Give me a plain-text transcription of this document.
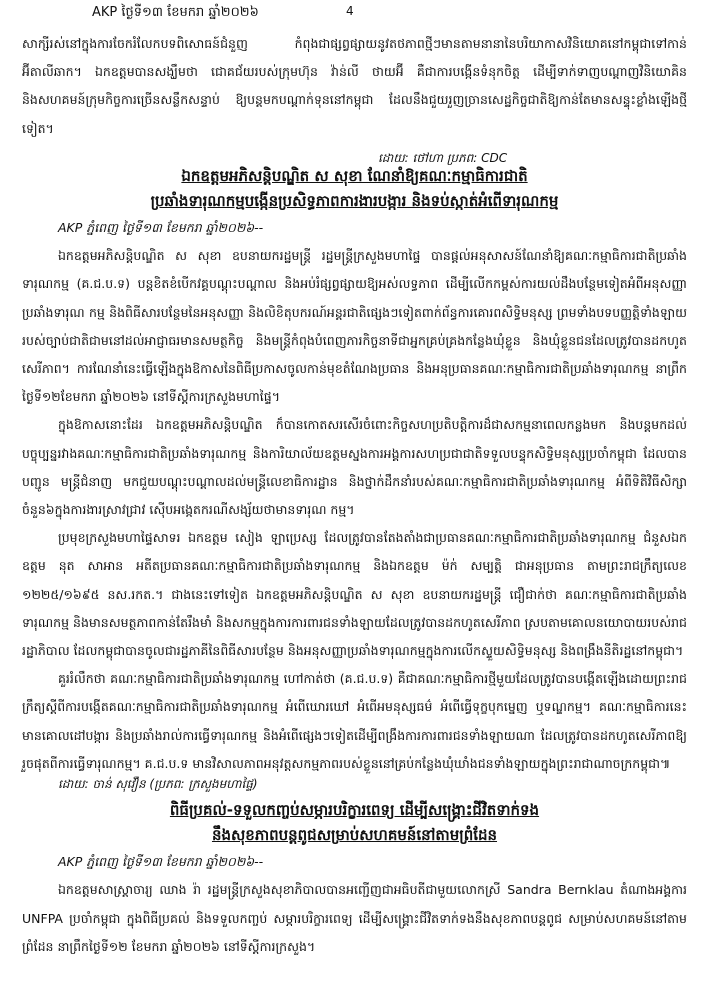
AKP ថ្ងៃទី១៣ ខែមករា ឆ្នាំ២០២៦	4

សាក្សីរស់នៅក្នុងការចែករំលែកបទពិសោធន៍ជំនួញ កំពុងជាផ្សព្វផ្សាយនូវតថភាពថ្មីៗមានតាមនានានៃបរិយាកាសវិនិយោគនៅកម្ពុជាទៅកាន់អ៊ីតាលីឆាក។ ឯកឧត្តមបានសង្ឃឹមថា ជោគជ័យរបស់ក្រុមហ៊ុន វ៉ាន់លី ថាយអ៊ី គឺជាការបង្កើនទំនុកចិត្ត ដើម្បីទាក់ទាញបណ្តាញវិនិយោគិន និងសហគមន៍ក្រុមកិច្ចការច្រើនសន្លឹកសន្ទាប់ ឱ្យបន្តមកបណ្តាក់ទុននៅកម្ពុជា ដែលនឹងជួយរួញច្រានសេដ្ឋកិច្ចជាតិឱ្យកាន់តែមានសន្ទុះខ្លាំងឡើងថ្មីទៀត។

ដោយ: ថៅហា ប្រភព: CDC

ឯកឧត្តមអភិសន្តិបណ្ឌិត ស សុខា ណែនាំឱ្យគណៈកម្មាធិការជាតិ

ប្រឆាំងទារុណកម្មបង្កើនប្រសិទ្ធភាពការងារបង្ការ និងទប់ស្កាត់អំពើទារុណកម្ម

AKP ភ្នំពេញ ថ្ងៃទី១៣ ខែមករា ឆ្នាំ២០២៦--

ឯកឧត្តមអភិសន្តិបណ្ឌិត ស សុខា ឧបនាយករដ្ឋមន្ត្រី រដ្ឋមន្ត្រីក្រសួងមហាផ្ទៃ បានផ្តល់អនុសាសន៍ណែនាំឱ្យគណៈកម្មាធិការជាតិប្រឆាំងទារុណកម្ម (គ.ជ.ប.ទ) បន្តខិតខំបើកវគ្គបណ្តុះបណ្តាល និងអប់រំផ្សព្វផ្សាយឱ្យអស់លទ្ធភាព ដើម្បីលើកកម្ពស់ការយល់ដឹងបន្ថែមទៀតអំពីអនុសញ្ញាប្រឆាំងទារុណ កម្ម និងពិធីសារបន្ថែមនៃអនុសញ្ញា និងលិខិតុបករណ៍អន្តរជាតិផ្សេងៗទៀតពាក់ព័ន្ធការគោរពសិទ្ធិមនុស្ស ព្រមទាំងបទបញ្ញត្តិទាំងឡាយរបស់ច្បាប់ជាតិជាមនៅដល់អាជ្ញាធរមានសមត្ថកិច្ច និងមន្ត្រីកំពុងបំពេញភារកិច្ចនាទីជាអ្នកគ្រប់គ្រងកន្លែងឃុំខ្លួន និងឃុំខ្លួនជនដែលត្រូវបានដកហូតសេរីភាព។ ការណែនាំនេះធ្វើឡើងក្នុងឱកាសនៃពិធីប្រកាសចូលកាន់មុខតំណែងប្រធាន និងអនុប្រធានគណៈកម្មាធិការជាតិប្រឆាំងទារុណកម្ម នាព្រឹកថ្ងៃទី១២ខែមករា ឆ្នាំ២០២៦ នៅទីស្តីការក្រសួងមហាផ្ទៃ។

ក្នុងឱកាសនោះដែរ ឯកឧត្តមអភិសន្តិបណ្ឌិត ក៏បានកោតសរសើរចំពោះកិច្ចសហប្រតិបត្តិការដ៏ជាសកម្មនាពេលកន្លងមក និងបន្តមកដល់បច្ចុប្បន្នរវាងគណៈកម្មាធិការជាតិប្រឆាំងទារុណកម្ម និងការិយាល័យឧត្តមស្នងការអង្គការសហប្រជាជាតិទទួលបន្ទុកសិទ្ធិមនុស្សប្រចាំកម្ពុជា ដែលបានបញ្ជូន មន្ត្រីជំនាញ មកជួយបណ្តុះបណ្តាលដល់មន្ត្រីលេខាធិការដ្ឋាន និងថ្នាក់ដឹកនាំរបស់គណៈកម្មាធិការជាតិប្រឆាំងទារុណកម្ម អំពីទិតិវិធីសិក្សាចំនួន៦ក្នុងការងារស្រាវជ្រាវ ស៊ើបអង្កេតករណីសង្ស័យថាមានទារុណ កម្ម។

ប្រមុខក្រសួងមហាផ្ទៃសាទរ ឯកឧត្តម សៀង ឡាប្រេស្ស ដែលត្រូវបានតែងតាំងជាប្រធានគណៈកម្មាធិការជាតិប្រឆាំងទារុណកម្ម ជំនួសឯកឧត្តម នុត សាអាន អតីតប្រធានគណៈកម្មាធិការជាតិប្រឆាំងទារុណកម្ម និងឯកឧត្តម ម៉ក់ សម្បត្តិ ជាអនុប្រធាន តាមព្រះរាជក្រឹត្យលេខ ១២២៥/១៦៩៥ នស.រកត.។ ជាងនេះទៅទៀត ឯកឧត្តមអភិសន្តិបណ្ឌិត ស សុខា ឧបនាយករដ្ឋមន្ត្រី ជឿជាក់ថា គណៈកម្មាធិការជាតិប្រឆាំងទារុណកម្ម និងមានសមត្ថភាពកាន់តែរឹងមាំ និងសកម្មក្នុងការការពារជនទាំងឡាយដែលត្រូវបានដកហូតសេរីភាព ស្របតាមគោលនយោបាយរបស់រាជរដ្ឋាភិបាល ដែលកម្ពុជាបានចូលជារដ្ឋភាគីនៃពិធីសារបន្ថែម និងអនុសញ្ញាប្រឆាំងទារុណកម្មក្នុងការលើកស្ទួយសិទ្ធិមនុស្ស និងពង្រឹងនីតិរដ្ឋនៅកម្ពុជា។

គួររំលឹកថា គណៈកម្មាធិការជាតិប្រឆាំងទារុណកម្ម ហៅកាត់ថា (គ.ជ.ប.ទ) គឺជាគណៈកម្មាធិការថ្មីមួយដែលត្រូវបានបង្កើតឡើងដោយព្រះរាជក្រឹត្យស្តីពីការបង្កើតគណៈកម្មាធិការជាតិប្រឆាំងទារុណកម្ម អំពើឃោរឃៅ អំពើអមនុស្សធម៌ អំពើធ្វើទុក្ខបុកម្នេញ ឬទណ្ឌកម្ម។ គណៈកម្មាធិការនេះ មានគោលដៅបង្ការ និងប្រឆាំងរាល់ការធ្វើទារុណកម្ម និងអំពើផ្សេងៗទៀតដើម្បីពង្រឹងការការពារជនទាំងឡាយណា ដែលត្រូវបានដកហូតសេរីភាពឱ្យរួចផុតពីការធ្វើទារុណកម្ម។ គ.ជ.ប.ទ មានវិសាលភាពអនុវត្តសកម្មភាពរបស់ខ្លួននៅគ្រប់កន្លែងឃុំឃាំងជនទាំងឡាយក្នុងព្រះរាជាណាចក្រកម្ពុជា៕

ដោយ: ចាន់ សុវឿន (ប្រភព: ក្រសួងមហាផ្ទៃ)

ពិធីប្រគល់-ទទួលកញ្ចប់សម្ភារបរិក្ខារពេទ្យ ដើម្បីសង្គ្រោះជីវិតទាក់ទង

នឹងសុខភាពបន្តពូជសម្រាប់សហគមន៍នៅតាមព្រំដែន

AKP ភ្នំពេញ ថ្ងៃទី១៣ ខែមករា ឆ្នាំ២០២៦--

ឯកឧត្តមសាស្ត្រាចារ្យ ឈាង រ៉ា រដ្ឋមន្ត្រីក្រសួងសុខាភិបាលបានអញ្ជើញជាអធិបតីជាមួយលោកស្រី Sandra Bernklau តំណាងអង្គការ UNFPA ប្រចាំកម្ពុជា ក្នុងពិធីប្រគល់ និងទទួលកញ្ចប់ សម្ភារបរិក្ខារពេទ្យ ដើម្បីសង្គ្រោះជីវិតទាក់ទងនឹងសុខភាពបន្តពូជ សម្រាប់សហគមន៍នៅតាមព្រំដែន នាព្រឹកថ្ងៃទី១២ ខែមករា ឆ្នាំ២០២៦ នៅទីស្តីការក្រសួង។
